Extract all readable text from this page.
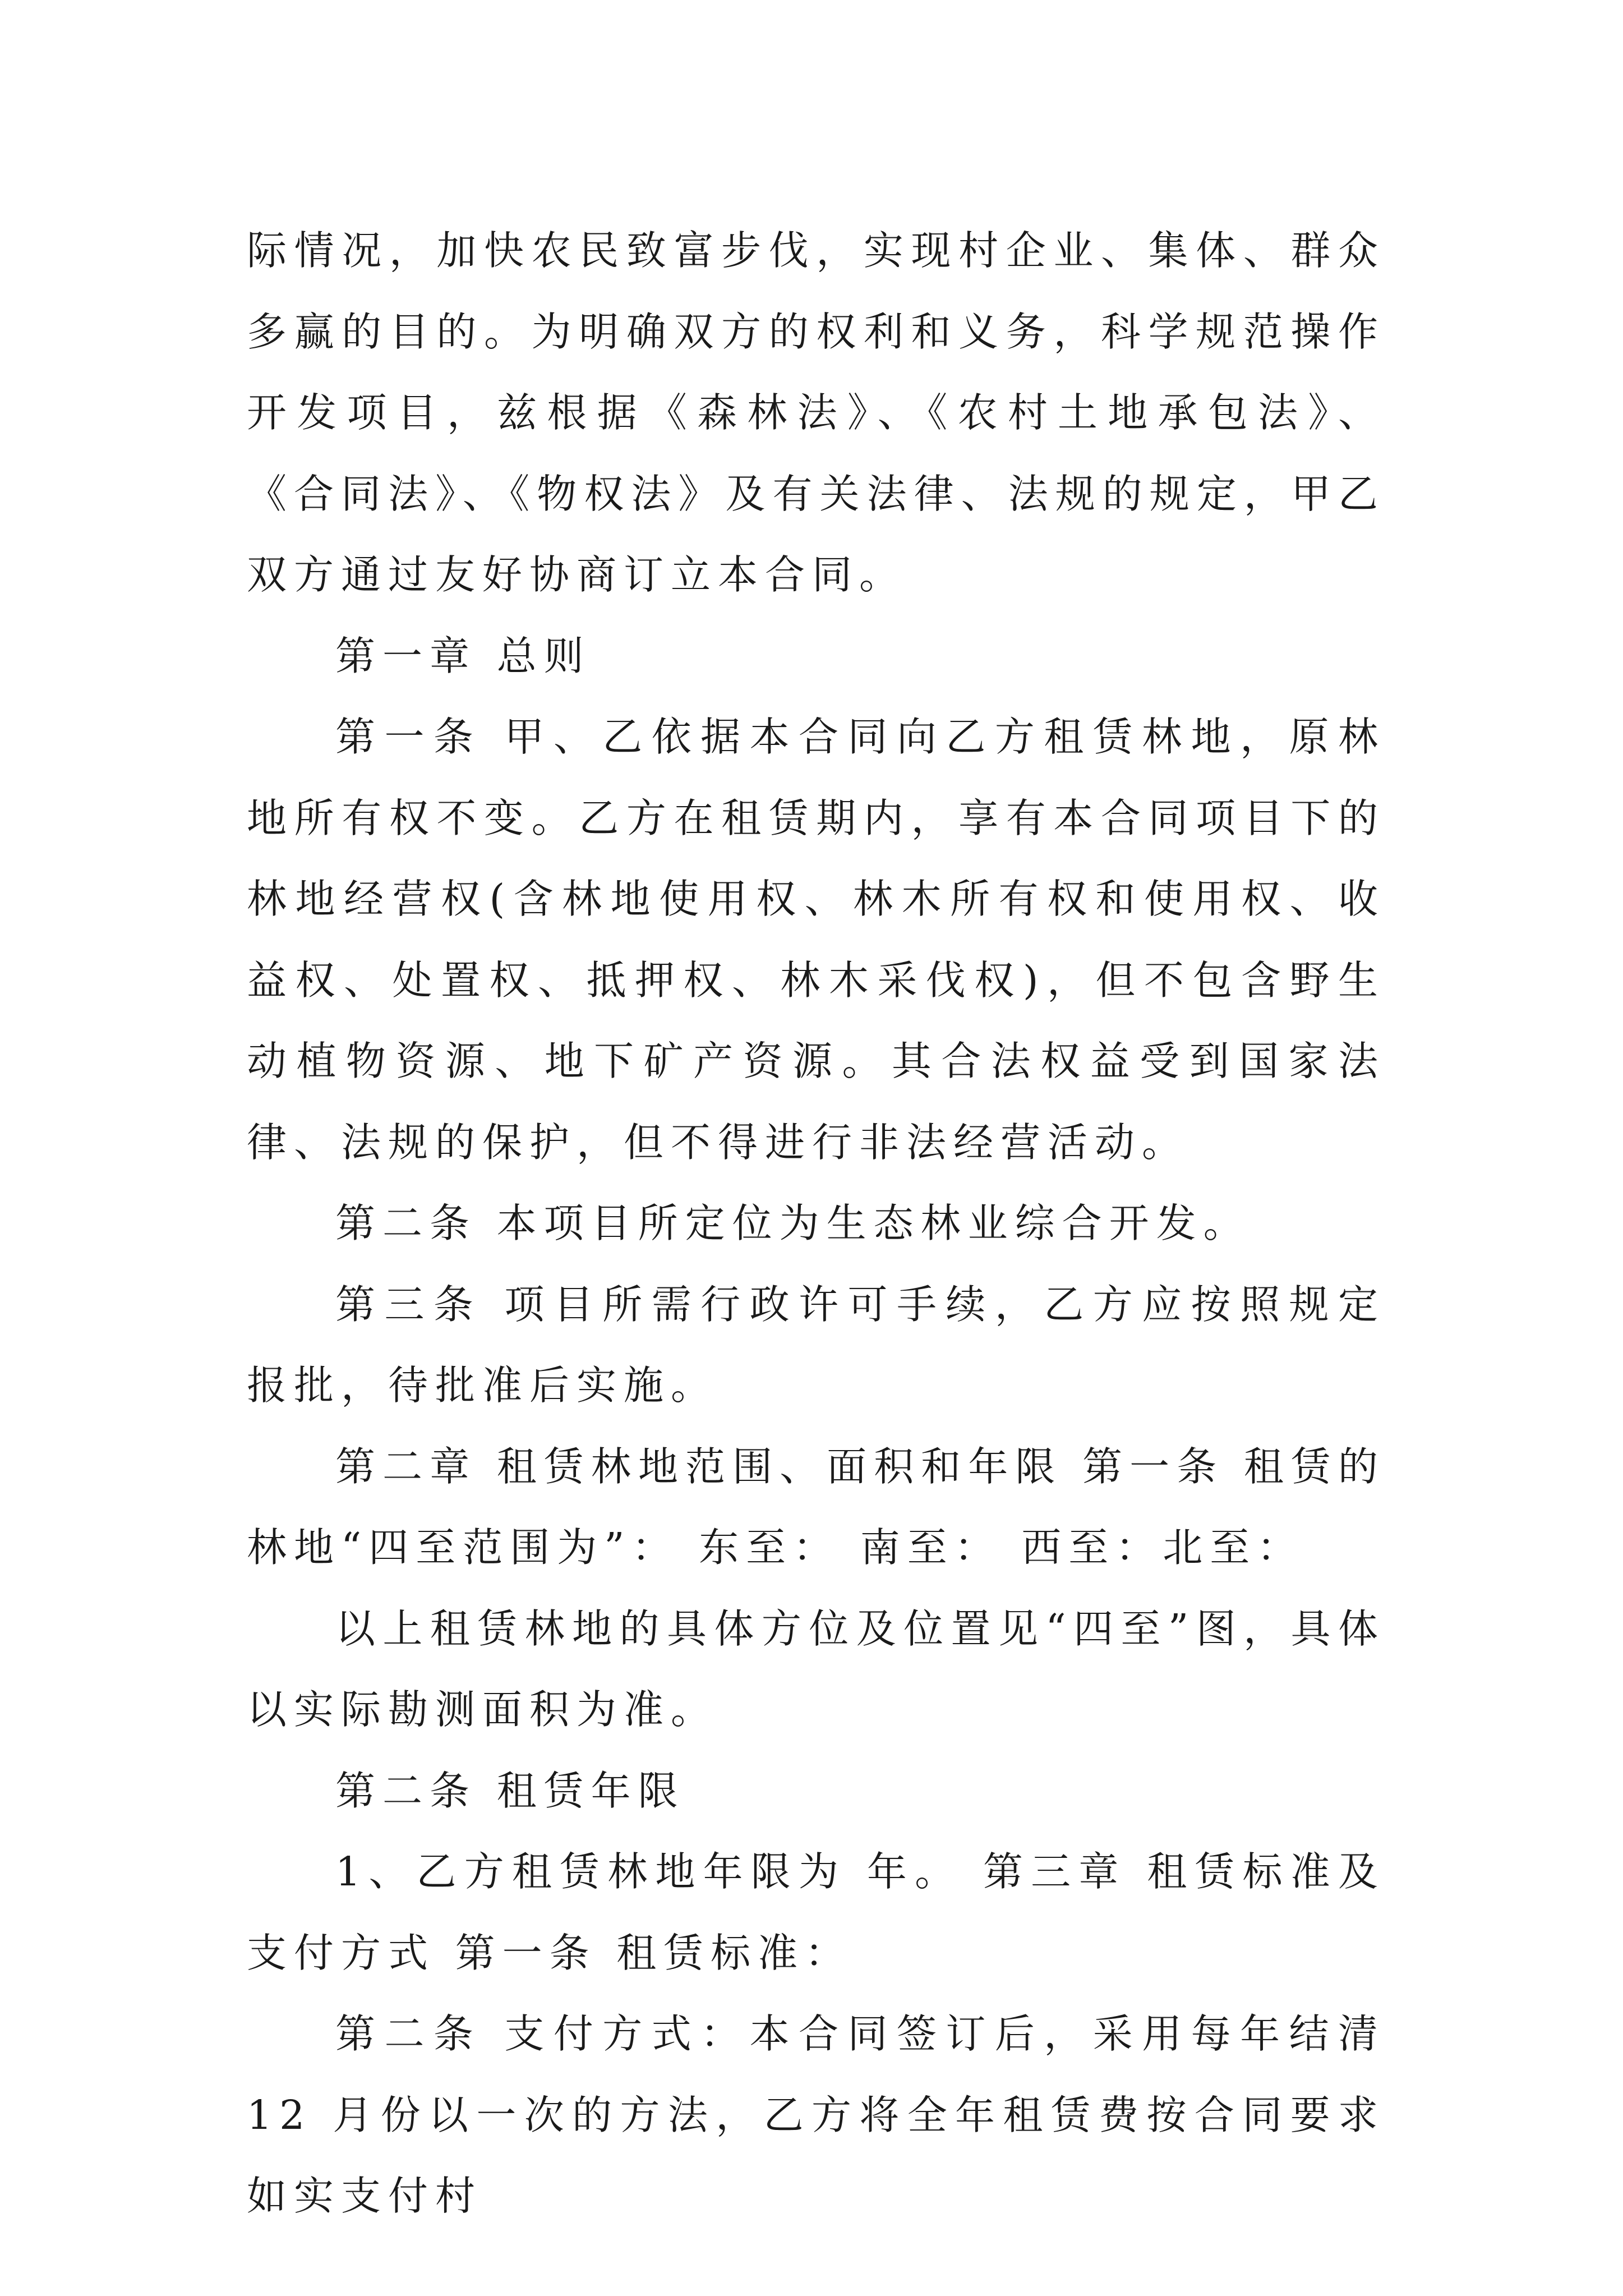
际情况，加快农民致富步伐，实现村企业、集体、群众多赢的目的。为明确双方的权利和义务，科学规范操作开发项目，兹根据《森林法》、《农村土地承包法》、《合同法》、《物权法》及有关法律、法规的规定，甲乙双方通过友好协商订立本合同。

第一章 总则

第一条 甲、乙依据本合同向乙方租赁林地，原林地所有权不变。乙方在租赁期内，享有本合同项目下的林地经营权(含林地使用权、林木所有权和使用权、收益权、处置权、抵押权、林木采伐权)，但不包含野生动植物资源、地下矿产资源。其合法权益受到国家法律、法规的保护，但不得进行非法经营活动。

第二条 本项目所定位为生态林业综合开发。

第三条 项目所需行政许可手续，乙方应按照规定报批，待批准后实施。

第二章 租赁林地范围、面积和年限 第一条 租赁的林地“四至范围为”： 东至： 南至： 西至：北至：

以上租赁林地的具体方位及位置见“四至”图，具体以实际勘测面积为准。

第二条 租赁年限

1、乙方租赁林地年限为 年。 第三章 租赁标准及支付方式 第一条 租赁标准：

第二条 支付方式：本合同签订后，采用每年结清 12 月份以一次的方法，乙方将全年租赁费按合同要求如实支付村
